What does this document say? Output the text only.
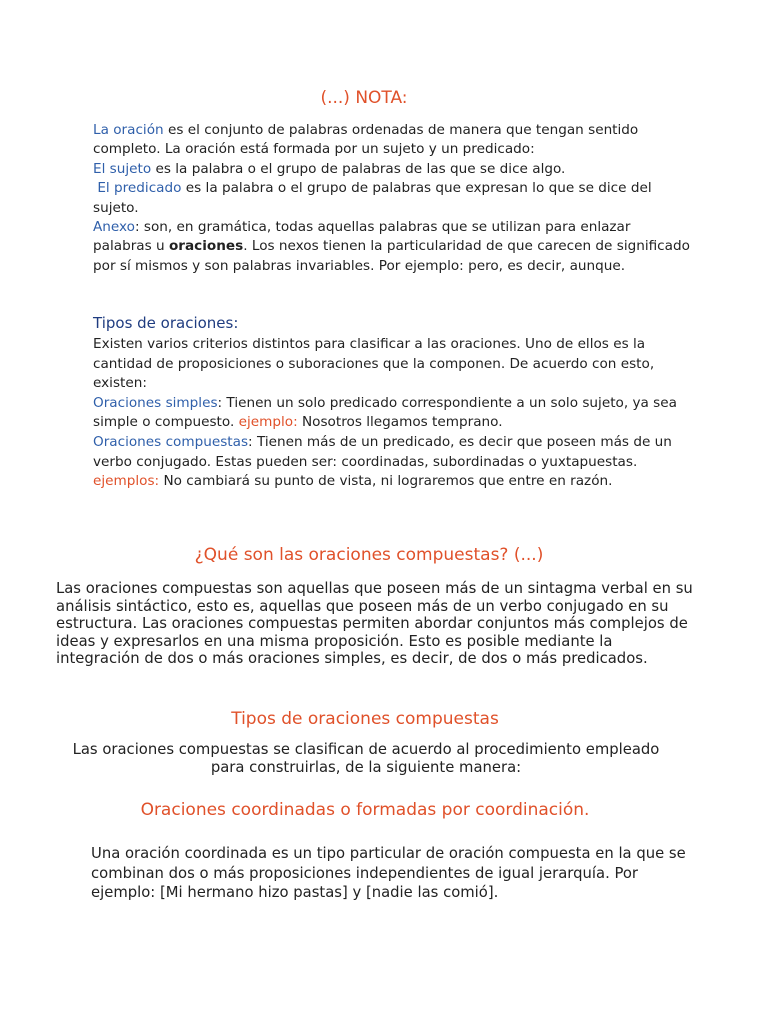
(...) NOTA:

La oración es el conjunto de palabras ordenadas de manera que tengan sentido completo. La oración está formada por un sujeto y un predicado:

El sujeto es la palabra o el grupo de palabras de las que se dice algo.

El predicado es la palabra o el grupo de palabras que expresan lo que se dice del sujeto.

Anexo: son, en gramática, todas aquellas palabras que se utilizan para enlazar palabras u oraciones. Los nexos tienen la particularidad de que carecen de significado por sí mismos y son palabras invariables. Por ejemplo: pero, es decir, aunque.

Tipos de oraciones:

Existen varios criterios distintos para clasificar a las oraciones. Uno de ellos es la cantidad de proposiciones o suboraciones que la componen. De acuerdo con esto, existen:

Oraciones simples: Tienen un solo predicado correspondiente a un solo sujeto, ya sea simple o compuesto. ejemplo: Nosotros llegamos temprano.

Oraciones compuestas: Tienen más de un predicado, es decir que poseen más de un verbo conjugado. Estas pueden ser: coordinadas, subordinadas o yuxtapuestas.

ejemplos: No cambiará su punto de vista, ni lograremos que entre en razón.

¿Qué son las oraciones compuestas? (...)

Las oraciones compuestas son aquellas que poseen más de un sintagma verbal en su análisis sintáctico, esto es, aquellas que poseen más de un verbo conjugado en su estructura. Las oraciones compuestas permiten abordar conjuntos más complejos de ideas y expresarlos en una misma proposición. Esto es posible mediante la integración de dos o más oraciones simples, es decir, de dos o más predicados.

Tipos de oraciones compuestas

Las oraciones compuestas se clasifican de acuerdo al procedimiento empleado para construirlas, de la siguiente manera:

Oraciones coordinadas o formadas por coordinación.

Una oración coordinada es un tipo particular de oración compuesta en la que se combinan dos o más proposiciones independientes de igual jerarquía. Por ejemplo: [Mi hermano hizo pastas] y [nadie las comió].
